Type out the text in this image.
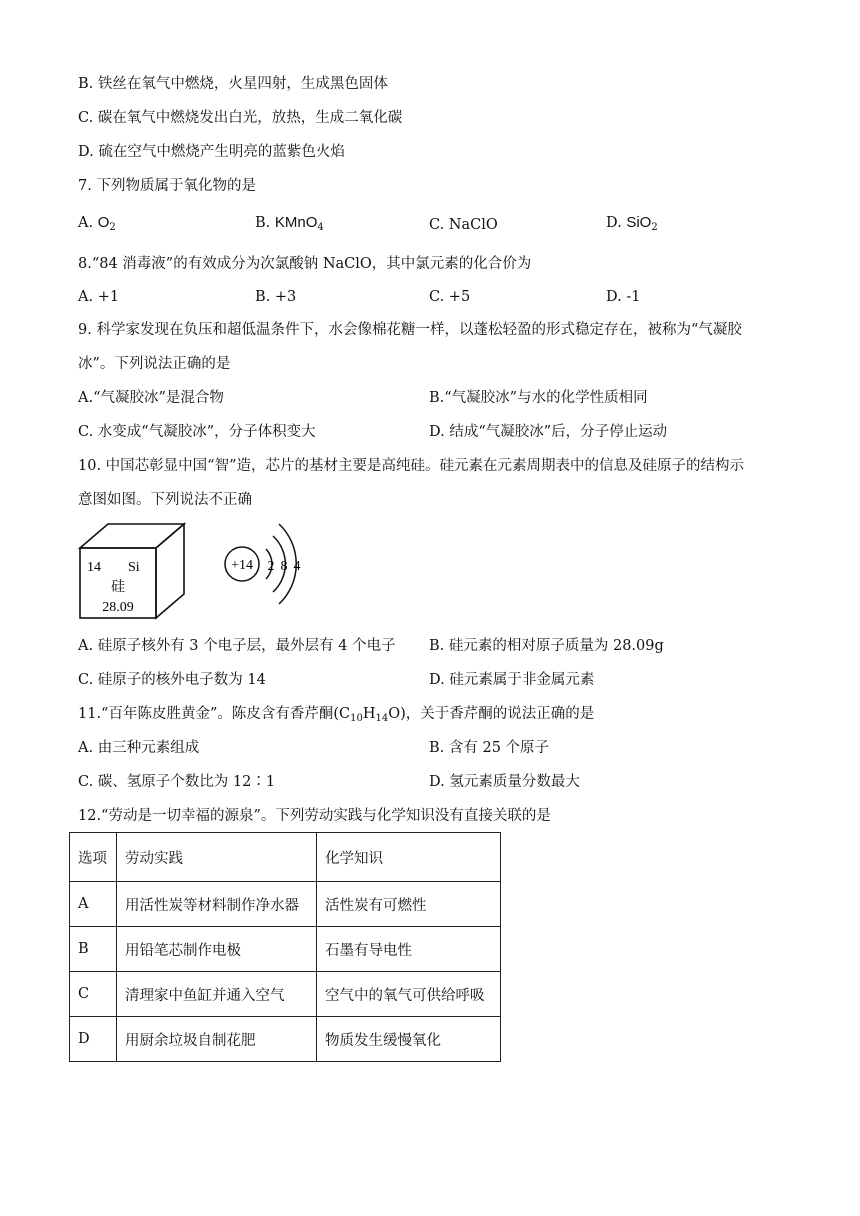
B. 铁丝在氧气中燃烧，火星四射，生成黑色固体
C. 碳在氧气中燃烧发出白光，放热，生成二氧化碳
D. 硫在空气中燃烧产生明亮的蓝紫色火焰
7. 下列物质属于氧化物的是
A. $O_2$	B. KMnO$_4$	C. NaClO	D. SiO$_2$
8.“84 消毒液”的有效成分为次氯酸钠 NaClO，其中氯元素的化合价为
A. +1	B. +3	C. +5	D. -1
9. 科学家发现在负压和超低温条件下，水会像棉花糖一样，以蓬松轻盈的形式稳定存在，被称为“气凝胶
冰”。下列说法正确的是
A.“气凝胶冰”是混合物	B.“气凝胶冰”与水的化学性质相同
C. 水变成“气凝胶冰”，分子体积变大	D. 结成“气凝胶冰”后，分子停止运动
10. 中国芯彰显中国“智”造，芯片的基材主要是高纯硅。硅元素在元素周期表中的信息及硅原子的结构示
意图如图。下列说法不正确
14 Si
硅
28.09
+14 2 8 4
A. 硅原子核外有 3 个电子层，最外层有 4 个电子 B. 硅元素的相对原子质量为 28.09g
C. 硅原子的核外电子数为 14	D. 硅元素属于非金属元素
11.“百年陈皮胜黄金”。陈皮含有香芹酮$(C_{10}H_{14}O)$，关于香芹酮的说法正确的是
A. 由三种元素组成	B. 含有 25 个原子
C. 碳、氢原子个数比为 12∶1	D. 氢元素质量分数最大
12.“劳动是一切幸福的源泉”。下列劳动实践与化学知识没有直接关联的是
选项	劳动实践	化学知识
A	用活性炭等材料制作净水器	活性炭有可燃性
B	用铅笔芯制作电极	石墨有导电性
C	清理家中鱼缸并通入空气	空气中的氧气可供给呼吸
D	用厨余垃圾自制花肥	物质发生缓慢氧化
